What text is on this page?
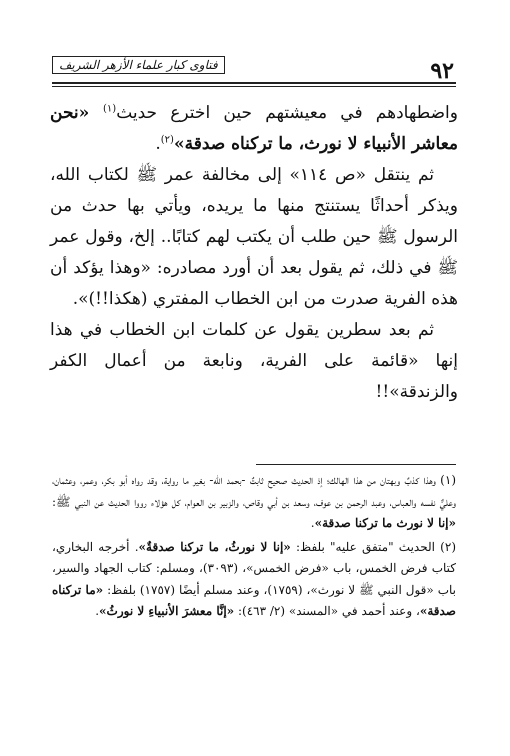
٩٢
فتاوى كبار علماء الأزهر الشريف

واضطهادهم في معيشتهم حين اخترع حديث$^{(١)}$ «نحن معاشر الأنبياء لا نورث، ما تركناه صدقة»$^{(٢)}$.

ثم ينتقل «ص ١١٤» إلى مخالفة عمر ﷺ لكتاب الله، ويذكر أحداثًا يستنتج منها ما يريده، ويأتي بها حدث من الرسول ﷺ حين طلب أن يكتب لهم كتابًا.. إلخ، وقول عمر ﷺ في ذلك، ثم يقول بعد أن أورد مصادره: «وهذا يؤكد أن هذه الفرية صدرت من ابن الخطاب المفتري (هكذا!!)».

ثم بعد سطرين يقول عن كلمات ابن الخطاب في هذا إنها «قائمة على الفرية، ونابعة من أعمال الكفر والزندقة»!!

(١) وهذا كذبٌ وبهتان من هذا الهالك؛ إذ الحديث صحيح ثابتٌ -بحمد الله- بغير ما رواية، وقد رواه أبو بكر، وعمر، وعثمان، وعليٌّ نفسه والعباس، وعبد الرحمن بن عوف، وسعد بن أبي وقاص، والزبير بن العوام، كل هؤلاء رووا الحديث عن النبي ﷺ: «إنا لا نورث ما تركنا صدقة».

(٢) الحديث "متفق عليه" بلفظ: «إنا لا نورثُ، ما تركنا صدقةٌ». أخرجه البخاري، كتاب فرض الخمس، باب «فرض الخمس»، (٣٠٩٣)، ومسلم: كتاب الجهاد والسير، باب «قول النبي ﷺ لا نورث»، (١٧٥٩)، وعند مسلم أيضًا (١٧٥٧) بلفظ: «ما تركناه صدقة»، وعند أحمد في «المسند» (٢/ ٤٦٣): «إنَّا معشرَ الأنبياءِ لا نورثُ».
